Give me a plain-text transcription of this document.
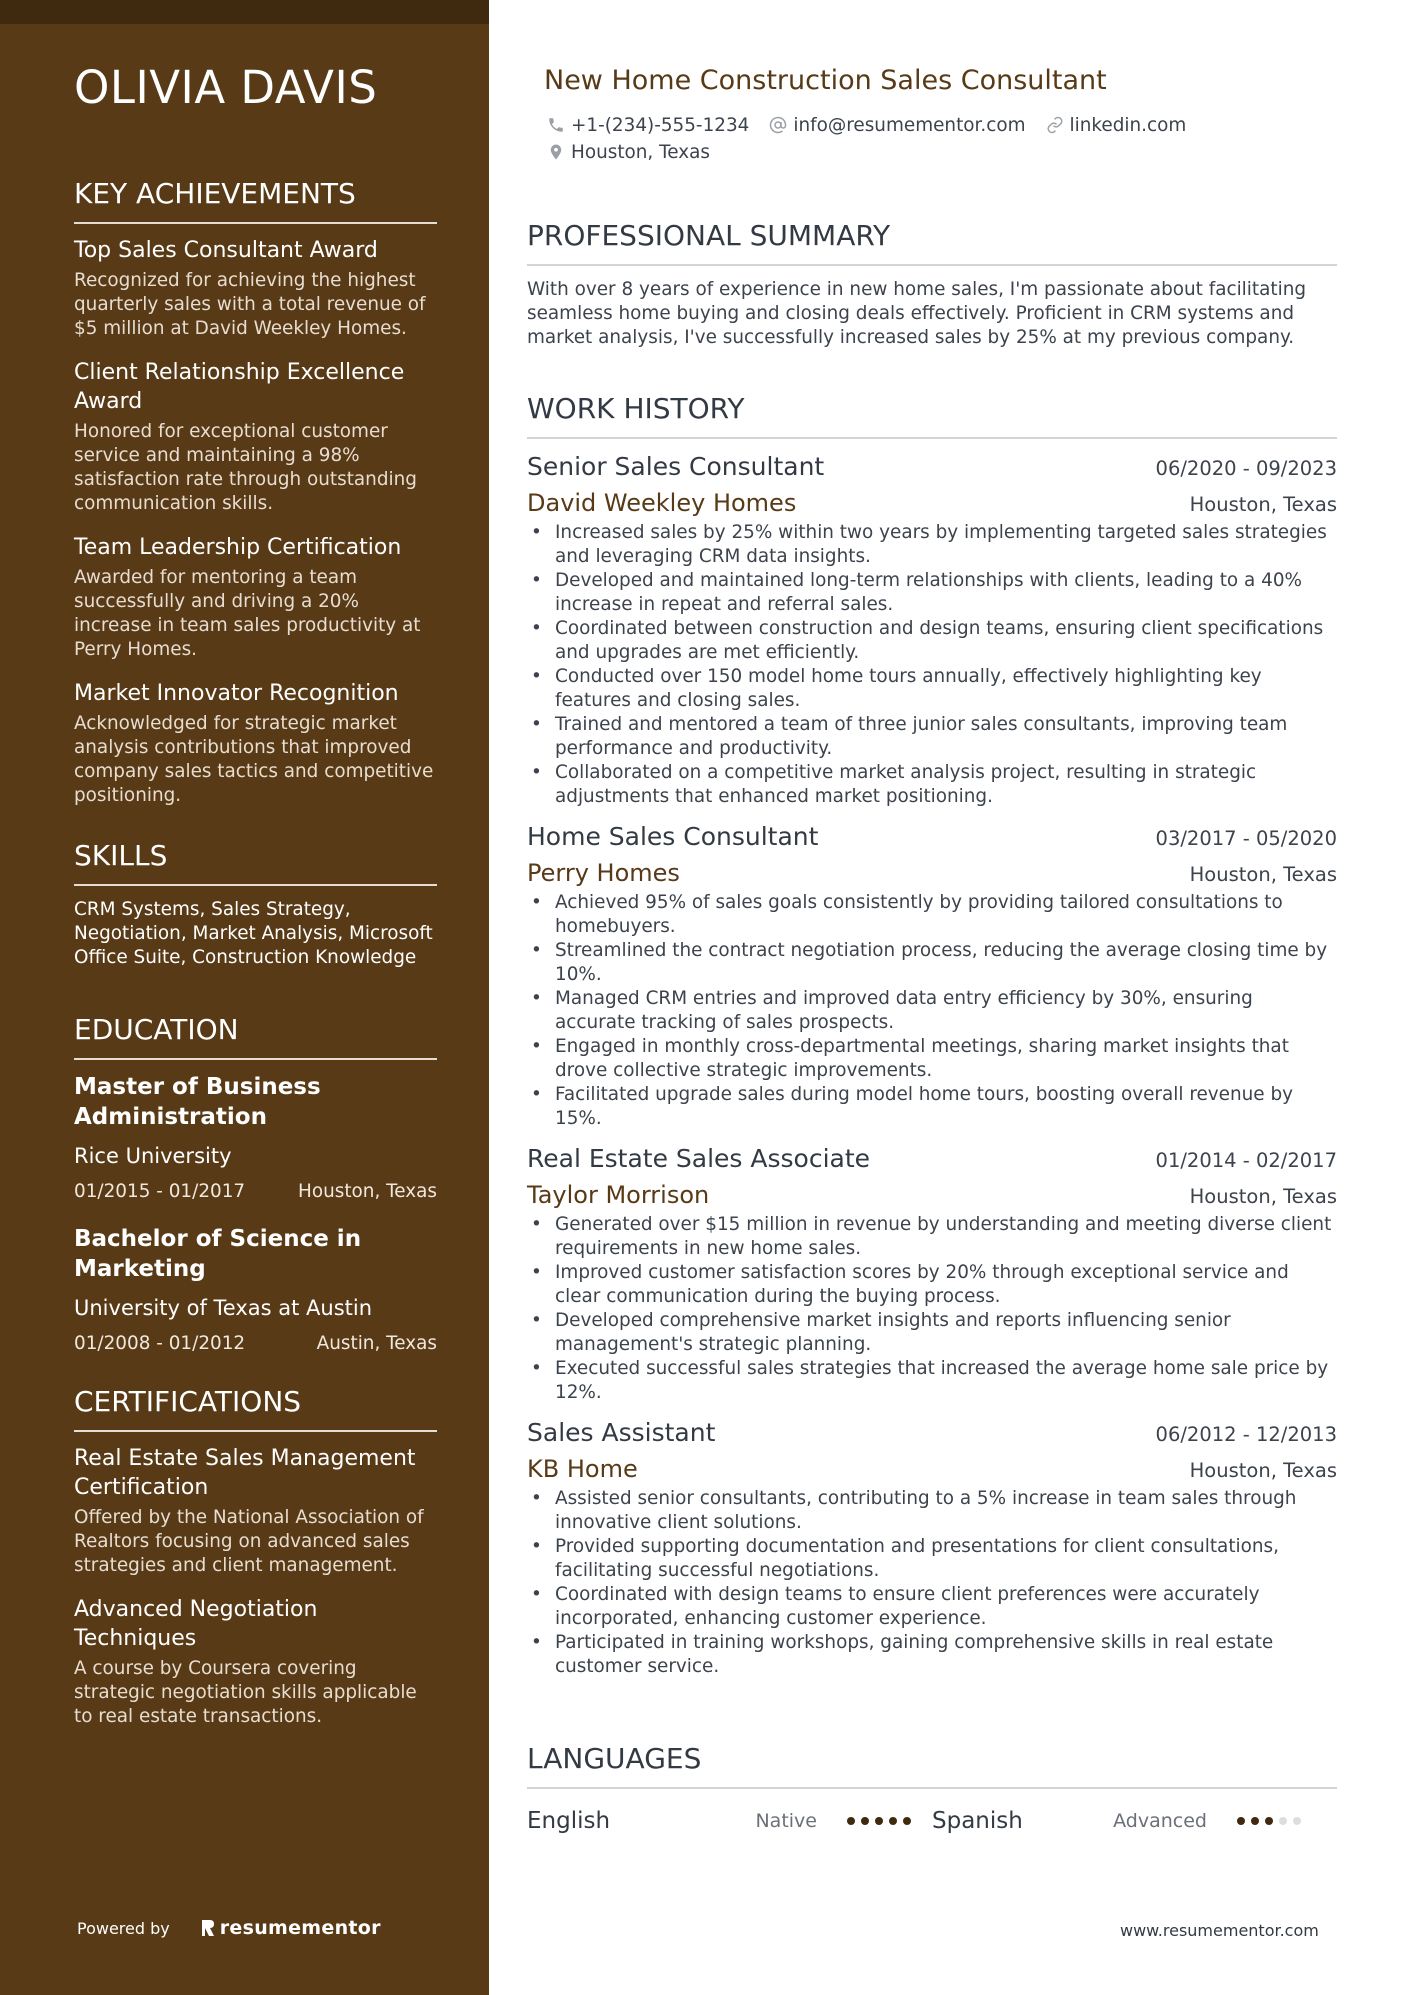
OLIVIA DAVIS
KEY ACHIEVEMENTS
Top Sales Consultant Award
Recognized for achieving the highest quarterly sales with a total revenue of $5 million at David Weekley Homes.
Client Relationship Excellence Award
Honored for exceptional customer service and maintaining a 98% satisfaction rate through outstanding communication skills.
Team Leadership Certification
Awarded for mentoring a team successfully and driving a 20% increase in team sales productivity at Perry Homes.
Market Innovator Recognition
Acknowledged for strategic market analysis contributions that improved company sales tactics and competitive positioning.
SKILLS
CRM Systems, Sales Strategy, Negotiation, Market Analysis, Microsoft Office Suite, Construction Knowledge
EDUCATION
Master of Business Administration
Rice University
01/2015 - 01/2017	Houston, Texas
Bachelor of Science in Marketing
University of Texas at Austin
01/2008 - 01/2012	Austin, Texas
CERTIFICATIONS
Real Estate Sales Management Certification
Offered by the National Association of Realtors focusing on advanced sales strategies and client management.
Advanced Negotiation Techniques
A course by Coursera covering strategic negotiation skills applicable to real estate transactions.
Powered by	resumementor
New Home Construction Sales Consultant
+1-(234)-555-1234 info@resumementor.com linkedin.com
Houston, Texas
PROFESSIONAL SUMMARY
With over 8 years of experience in new home sales, I'm passionate about facilitating seamless home buying and closing deals effectively. Proficient in CRM systems and market analysis, I've successfully increased sales by 25% at my previous company.
WORK HISTORY
Senior Sales Consultant	06/2020 - 09/2023
David Weekley Homes	Houston, Texas
• Increased sales by 25% within two years by implementing targeted sales strategies and leveraging CRM data insights.
• Developed and maintained long-term relationships with clients, leading to a 40% increase in repeat and referral sales.
• Coordinated between construction and design teams, ensuring client specifications and upgrades are met efficiently.
• Conducted over 150 model home tours annually, effectively highlighting key features and closing sales.
• Trained and mentored a team of three junior sales consultants, improving team performance and productivity.
• Collaborated on a competitive market analysis project, resulting in strategic adjustments that enhanced market positioning.
Home Sales Consultant	03/2017 - 05/2020
Perry Homes	Houston, Texas
• Achieved 95% of sales goals consistently by providing tailored consultations to homebuyers.
• Streamlined the contract negotiation process, reducing the average closing time by 10%.
• Managed CRM entries and improved data entry efficiency by 30%, ensuring accurate tracking of sales prospects.
• Engaged in monthly cross-departmental meetings, sharing market insights that drove collective strategic improvements.
• Facilitated upgrade sales during model home tours, boosting overall revenue by 15%.
Real Estate Sales Associate	01/2014 - 02/2017
Taylor Morrison	Houston, Texas
• Generated over $15 million in revenue by understanding and meeting diverse client requirements in new home sales.
• Improved customer satisfaction scores by 20% through exceptional service and clear communication during the buying process.
• Developed comprehensive market insights and reports influencing senior management's strategic planning.
• Executed successful sales strategies that increased the average home sale price by 12%.
Sales Assistant	06/2012 - 12/2013
KB Home	Houston, Texas
• Assisted senior consultants, contributing to a 5% increase in team sales through innovative client solutions.
• Provided supporting documentation and presentations for client consultations, facilitating successful negotiations.
• Coordinated with design teams to ensure client preferences were accurately incorporated, enhancing customer experience.
• Participated in training workshops, gaining comprehensive skills in real estate customer service.
LANGUAGES
English	Native	Spanish	Advanced
www.resumementor.com
